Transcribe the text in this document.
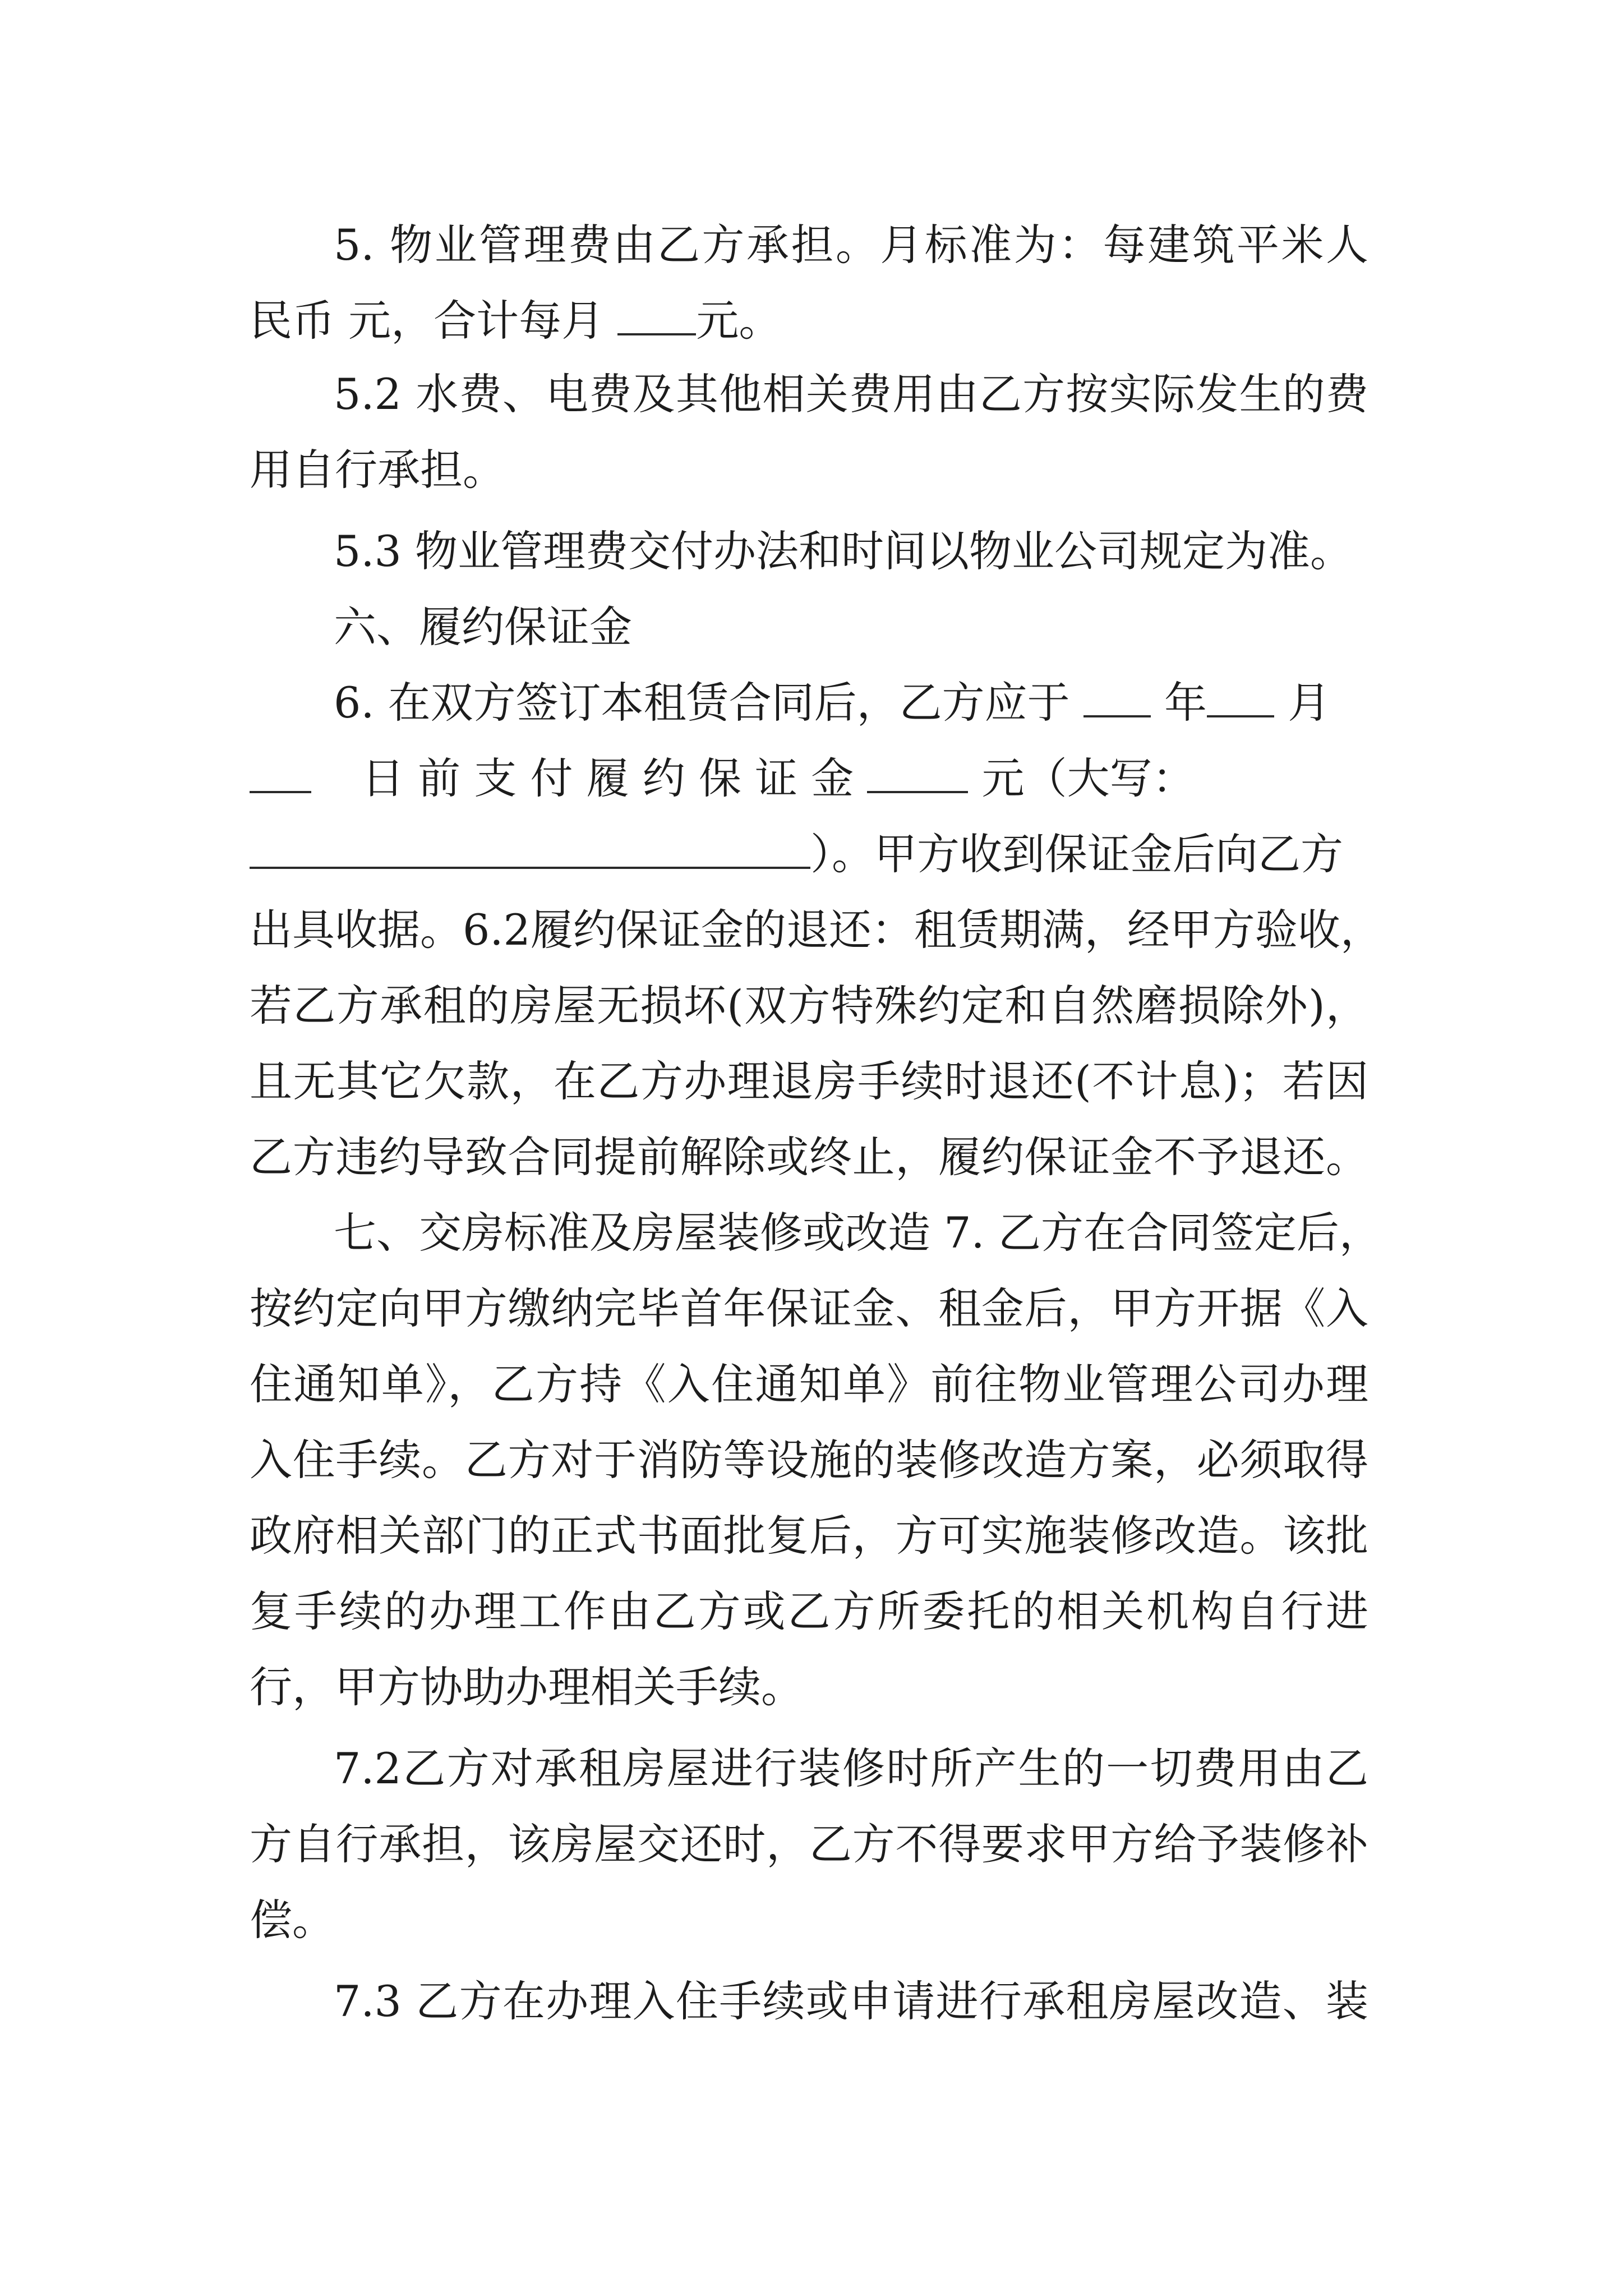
5. 物业管理费由乙方承担。月标准为：每建筑平米人
民币 元，合计每月 元。
5.2 水费、电费及其他相关费用由乙方按实际发生的费
用自行承担。
5.3 物业管理费交付办法和时间以物业公司规定为准。
六、履约保证金
6. 在双方签订本租赁合同后，乙方应于 年 月
日 前 支 付 履 约 保 证 金	元（大写：
）。甲方收到保证金后向乙方
出具收据。6.2履约保证金的退还：租赁期满，经甲方验收，
若乙方承租的房屋无损坏(双方特殊约定和自然磨损除外)，
且无其它欠款，在乙方办理退房手续时退还(不计息)；若因
乙方违约导致合同提前解除或终止，履约保证金不予退还。
七、交房标准及房屋装修或改造 7. 乙方在合同签定后，
按约定向甲方缴纳完毕首年保证金、租金后，甲方开据《入
住通知单》，乙方持《入住通知单》前往物业管理公司办理
入住手续。乙方对于消防等设施的装修改造方案，必须取得
政府相关部门的正式书面批复后，方可实施装修改造。该批
复手续的办理工作由乙方或乙方所委托的相关机构自行进
行，甲方协助办理相关手续。
7.2乙方对承租房屋进行装修时所产生的一切费用由乙
方自行承担，该房屋交还时，乙方不得要求甲方给予装修补
偿。
7.3 乙方在办理入住手续或申请进行承租房屋改造、装
